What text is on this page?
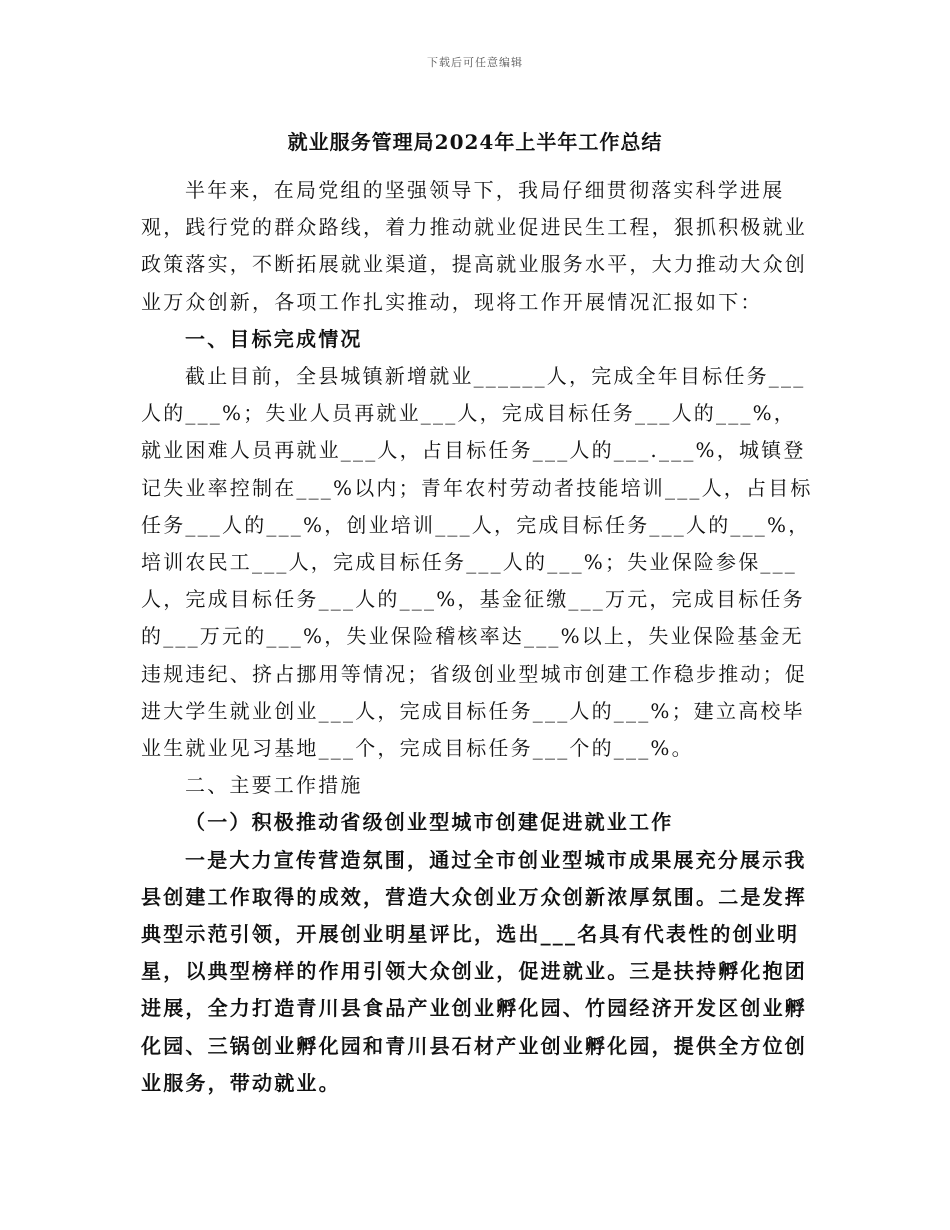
下载后可任意编辑
就业服务管理局2024年上半年工作总结

半年来，在局党组的坚强领导下，我局仔细贯彻落实科学进展观，践行党的群众路线，着力推动就业促进民生工程，狠抓积极就业政策落实，不断拓展就业渠道，提高就业服务水平，大力推动大众创业万众创新，各项工作扎实推动，现将工作开展情况汇报如下：

一、目标完成情况

截止目前，全县城镇新增就业______人，完成全年目标任务___人的___%；失业人员再就业___人，完成目标任务___人的___%，就业困难人员再就业___人，占目标任务___人的___.___%，城镇登记失业率控制在___%以内；青年农村劳动者技能培训___人，占目标任务___人的___%，创业培训___人，完成目标任务___人的___%，培训农民工___人，完成目标任务___人的___%；失业保险参保___人，完成目标任务___人的___%，基金征缴___万元，完成目标任务的___万元的___%，失业保险稽核率达___%以上，失业保险基金无违规违纪、挤占挪用等情况；省级创业型城市创建工作稳步推动；促进大学生就业创业___人，完成目标任务___人的___%；建立高校毕业生就业见习基地___个，完成目标任务___个的___%。

二、主要工作措施

（一）积极推动省级创业型城市创建促进就业工作

一是大力宣传营造氛围，通过全市创业型城市成果展充分展示我县创建工作取得的成效，营造大众创业万众创新浓厚氛围。二是发挥典型示范引领，开展创业明星评比，选出___名具有代表性的创业明星，以典型榜样的作用引领大众创业，促进就业。三是扶持孵化抱团进展，全力打造青川县食品产业创业孵化园、竹园经济开发区创业孵化园、三锅创业孵化园和青川县石材产业创业孵化园，提供全方位创业服务，带动就业。
